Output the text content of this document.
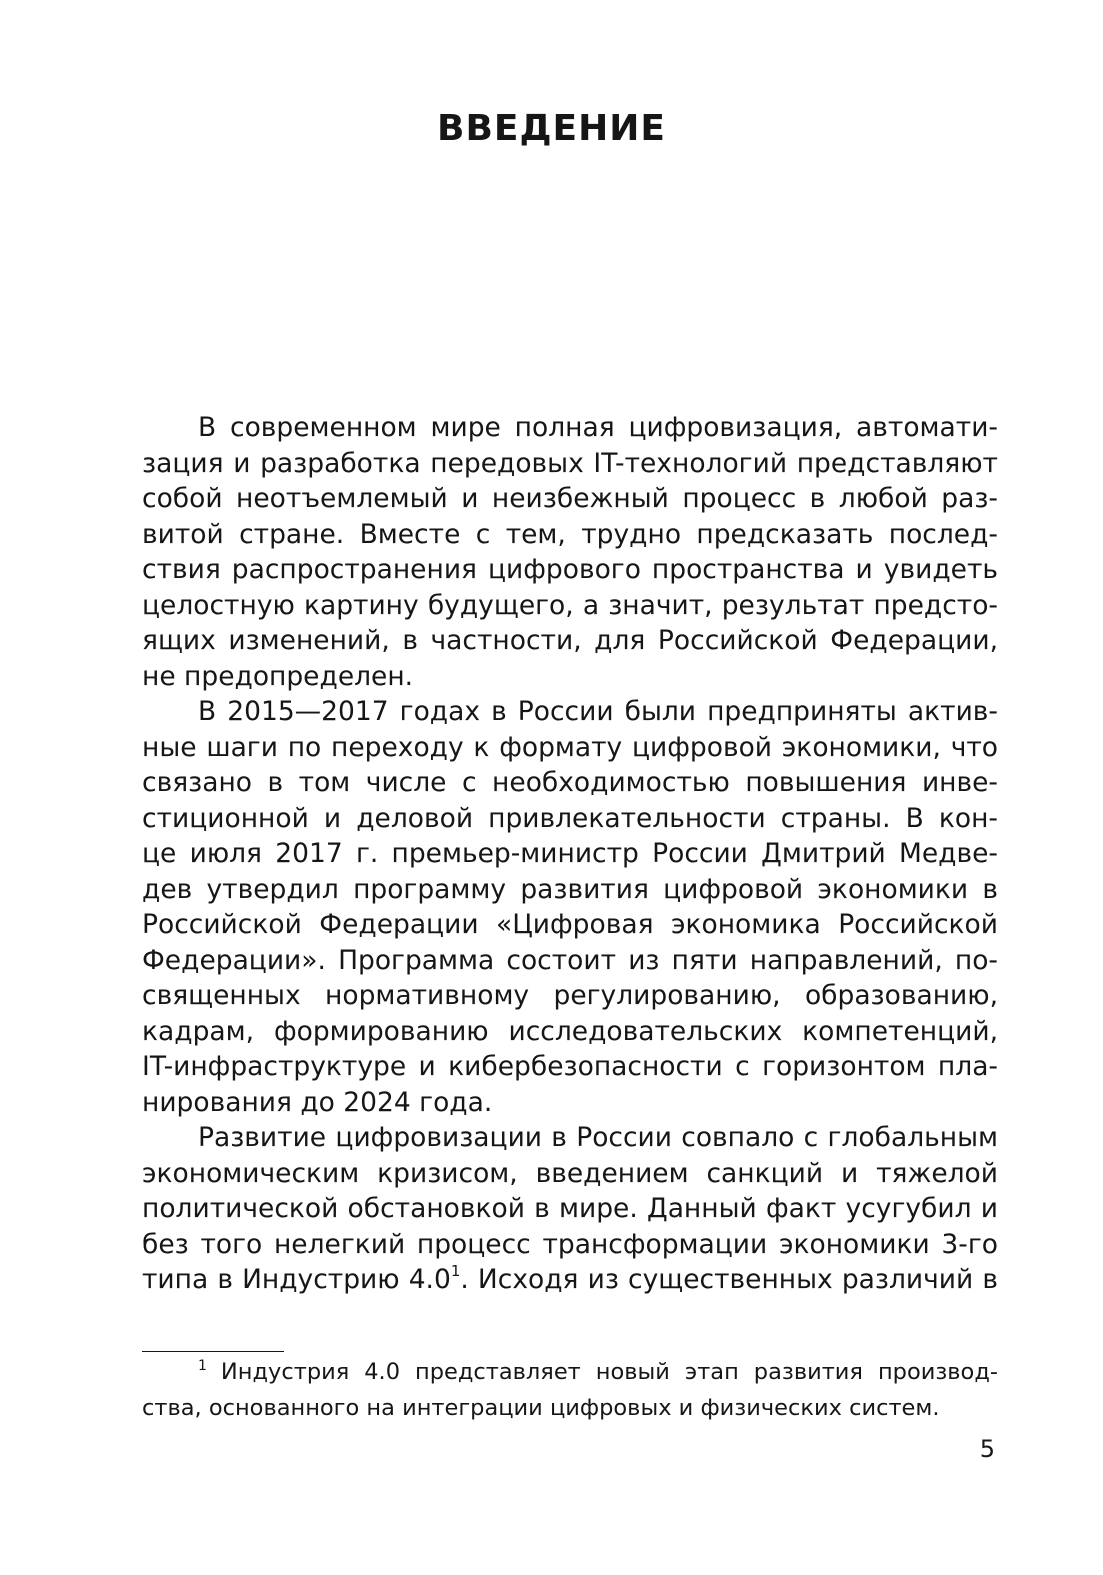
ВВЕДЕНИЕ

В современном мире полная цифровизация, автомати-
зация и разработка передовых IT-технологий представляют
собой неотъемлемый и неизбежный процесс в любой раз-
витой стране. Вместе с тем, трудно предсказать послед-
ствия распространения цифрового пространства и увидеть
целостную картину будущего, а значит, результат предсто-
ящих изменений, в частности, для Российской Федерации,
не предопределен.

В 2015—2017 годах в России были предприняты актив-
ные шаги по переходу к формату цифровой экономики, что
связано в том числе с необходимостью повышения инве-
стиционной и деловой привлекательности страны. В кон-
це июля 2017 г. премьер-министр России Дмитрий Медве-
дев утвердил программу развития цифровой экономики в
Российской Федерации «Цифровая экономика Российской
Федерации». Программа состоит из пяти направлений, по-
священных нормативному регулированию, образованию,
кадрам, формированию исследовательских компетенций,
IT-инфраструктуре и кибербезопасности с горизонтом пла-
нирования до 2024 года.

Развитие цифровизации в России совпало с глобальным
экономическим кризисом, введением санкций и тяжелой
политической обстановкой в мире. Данный факт усугубил и
без того нелегкий процесс трансформации экономики 3-го
типа в Индустрию 4.0$^1$. Исходя из существенных различий в

$^1$ Индустрия 4.0 представляет новый этап развития производ-
ства, основанного на интеграции цифровых и физических систем.
5
